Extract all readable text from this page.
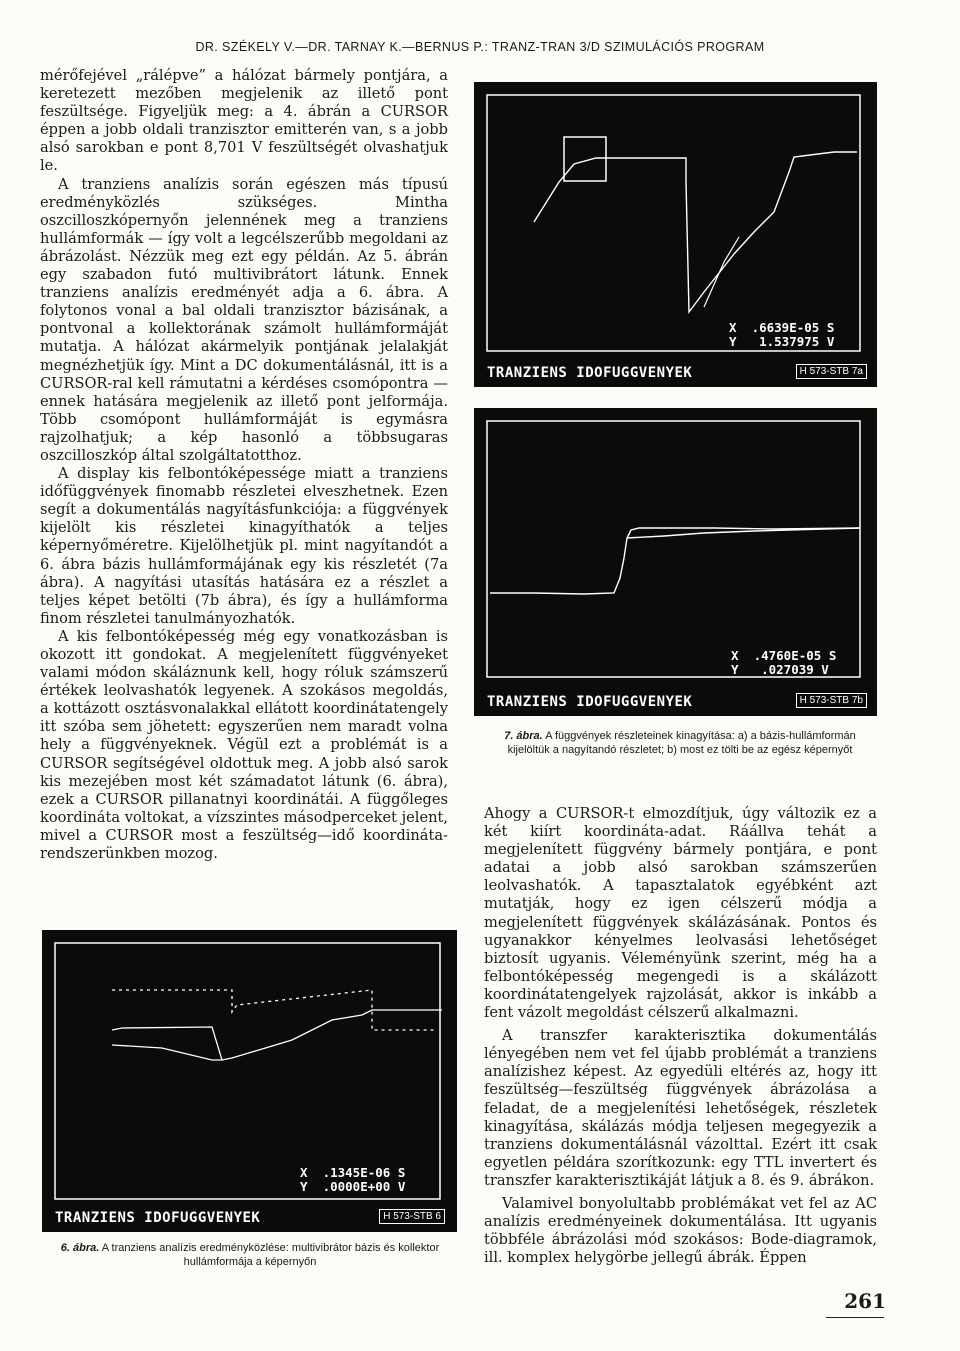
DR. SZÉKELY V.—DR. TARNAY K.—BERNUS P.: TRANZ-TRAN 3/D SZIMULÁCIÓS PROGRAM

mérőfejével „rálépve” a hálózat bármely pontjára, a keretezett mezőben megjelenik az illető pont feszültsége. Figyeljük meg: a 4. ábrán a CURSOR éppen a jobb oldali tranzisztor emitterén van, s a jobb alsó sarokban e pont 8,701 V feszültségét olvashatjuk le.

A tranziens analízis során egészen más típusú eredményközlés szükséges. Mintha oszcilloszkópernyőn jelennének meg a tranziens hullámformák — így volt a legcélszerűbb megoldani az ábrázolást. Nézzük meg ezt egy példán. Az 5. ábrán egy szabadon futó multivibrátort látunk. Ennek tranziens analízis eredményét adja a 6. ábra. A folytonos vonal a bal oldali tranzisztor bázisának, a pontvonal a kollektorának számolt hullámformáját mutatja. A hálózat akármelyik pontjának jelalakját megnézhetjük így. Mint a DC dokumentálásnál, itt is a CURSOR-ral kell rámutatni a kérdéses csomópontra — ennek hatására megjelenik az illető pont jelformája. Több csomópont hullámformáját is egymásra rajzolhatjuk; a kép hasonló a többsugaras oszcilloszkóp által szolgáltatotthoz.

A display kis felbontóképessége miatt a tranziens időfüggvények finomabb részletei elveszhetnek. Ezen segít a dokumentálás nagyításfunkciója: a függvények kijelölt kis részletei kinagyíthatók a teljes képernyőméretre. Kijelölhetjük pl. mint nagyítandót a 6. ábra bázis hullámformájának egy kis részletét (7a ábra). A nagyítási utasítás hatására ez a részlet a teljes képet betölti (7b ábra), és így a hullámforma finom részletei tanulmányozhatók.

A kis felbontóképesség még egy vonatkozásban is okozott itt gondokat. A megjelenített függvényeket valami módon skáláznunk kell, hogy róluk számszerű értékek leolvashatók legyenek. A szokásos megoldás, a kottázott osztásvonalakkal ellátott koordinátatengely itt szóba sem jöhetett: egyszerűen nem maradt volna hely a függvényeknek. Végül ezt a problémát is a CURSOR segítségével oldottuk meg. A jobb alsó sarok kis mezejében most két számadatot látunk (6. ábra), ezek a CURSOR pillanatnyi koordinátái. A függőleges koordináta voltokat, a vízszintes másodperceket jelent, mivel a CURSOR most a feszültség—idő koordináta-rendszerünkben mozog.

X  .6639E-05 S
Y   1.537975 V
TRANZIENS IDOFUGGVENYEK	H 573-STB 7a
X  .4760E-05 S
Y   .027039 V
TRANZIENS IDOFUGGVENYEK	H 573-STB 7b
7. ábra. A függvények részleteinek kinagyítása: a) a bázis-hullámformán kijelöltük a nagyítandó részletet; b) most ez tölti be az egész képernyőt

Ahogy a CURSOR-t elmozdítjuk, úgy változik ez a két kiírt koordináta-adat. Ráállva tehát a megjelenített függvény bármely pontjára, e pont adatai a jobb alsó sarokban számszerűen leolvashatók. A tapasztalatok egyébként azt mutatják, hogy ez igen célszerű módja a megjelenített függvények skálázásának. Pontos és ugyanakkor kényelmes leolvasási lehetőséget biztosít ugyanis. Véleményünk szerint, még ha a felbontóképesség megengedi is a skálázott koordinátatengelyek rajzolását, akkor is inkább a fent vázolt megoldást célszerű alkalmazni.

A transzfer karakterisztika dokumentálás lényegében nem vet fel újabb problémát a tranziens analízishez képest. Az egyedüli eltérés az, hogy itt feszültség—feszültség függvények ábrázolása a feladat, de a megjelenítési lehetőségek, részletek kinagyítása, skálázás módja teljesen megegyezik a tranziens dokumentálásnál vázolttal. Ezért itt csak egyetlen példára szorítkozunk: egy TTL invertert és transzfer karakterisztikáját látjuk a 8. és 9. ábrákon.

Valamivel bonyolultabb problémákat vet fel az AC analízis eredményeinek dokumentálása. Itt ugyanis többféle ábrázolási mód szokásos: Bode-diagramok, ill. komplex helygörbe jellegű ábrák. Éppen

X  .1345E-06 S
Y  .0000E+00 V
TRANZIENS IDOFUGGVENYEK	H 573-STB 6
6. ábra. A tranziens analízis eredményközlése: multivibrátor bázis és kollektor hullámformája a képernyőn
261
